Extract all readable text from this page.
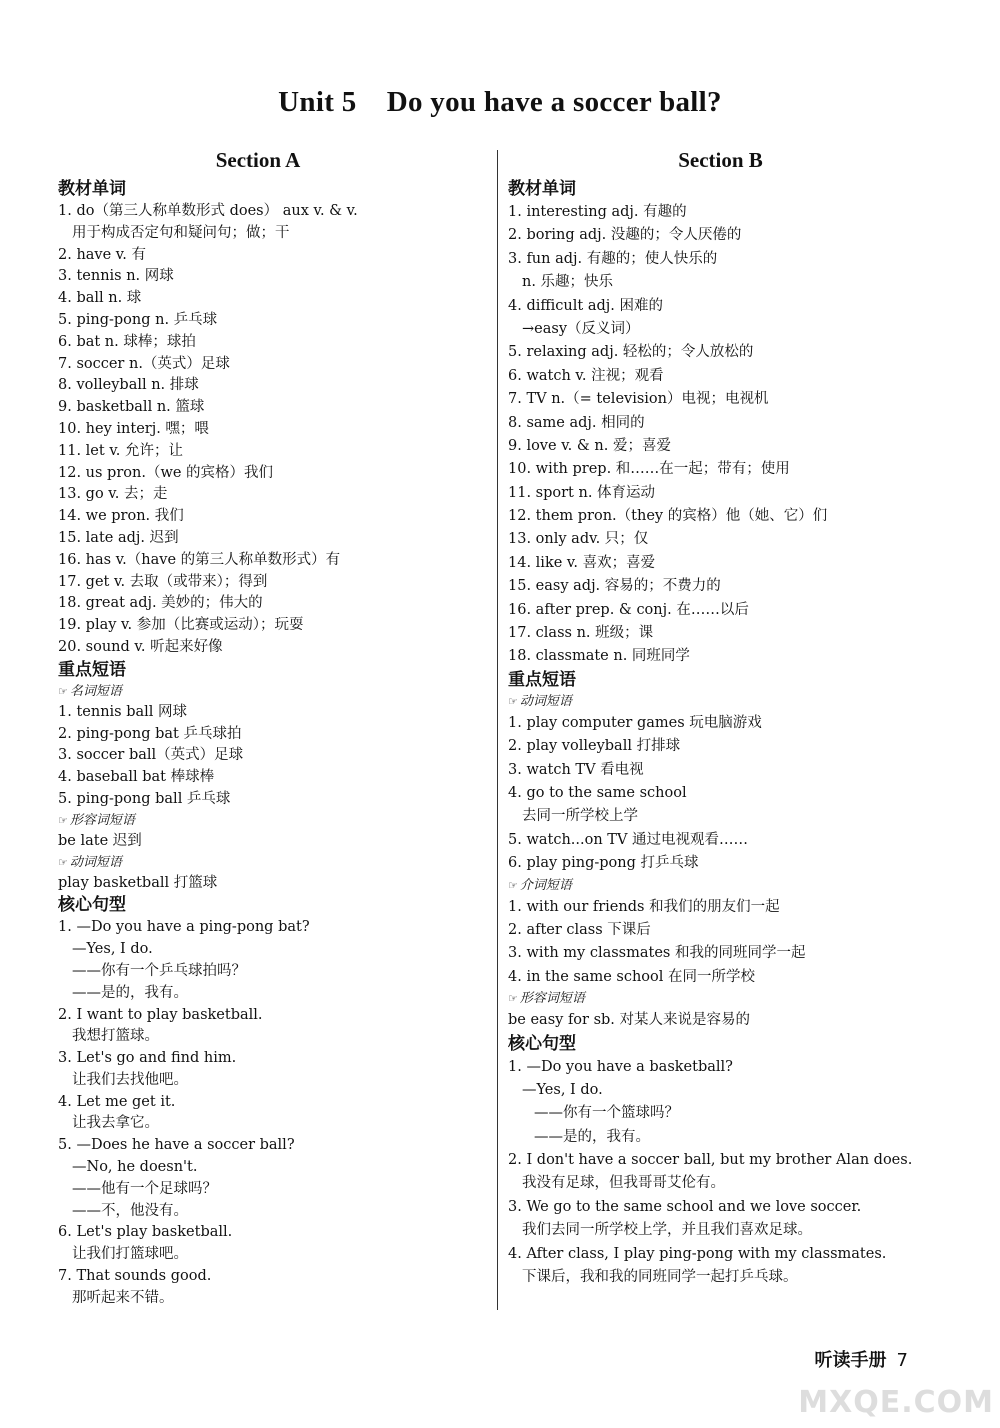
Unit 5    Do you have a soccer ball?
Section A
教材单词
1. do（第三人称单数形式 does） aux v. & v.
用于构成否定句和疑问句；做；干
2. have v. 有
3. tennis n. 网球
4. ball n. 球
5. ping-pong n. 乒乓球
6. bat n. 球棒；球拍
7. soccer n.（英式）足球
8. volleyball n. 排球
9. basketball n. 篮球
10. hey interj. 嘿；喂
11. let v. 允许；让
12. us pron.（we 的宾格）我们
13. go v. 去；走
14. we pron. 我们
15. late adj. 迟到
16. has v.（have 的第三人称单数形式）有
17. get v. 去取（或带来）；得到
18. great adj. 美妙的；伟大的
19. play v. 参加（比赛或运动）；玩耍
20. sound v. 听起来好像
重点短语
☞ 名词短语
1. tennis ball 网球
2. ping-pong bat 乒乓球拍
3. soccer ball（英式）足球
4. baseball bat 棒球棒
5. ping-pong ball 乒乓球
☞ 形容词短语
be late 迟到
☞ 动词短语
play basketball 打篮球
核心句型
1. —Do you have a ping-pong bat?
—Yes, I do.
——你有一个乒乓球拍吗？
——是的，我有。
2. I want to play basketball.
我想打篮球。
3. Let's go and find him.
让我们去找他吧。
4. Let me get it.
让我去拿它。
5. —Does he have a soccer ball?
—No, he doesn't.
——他有一个足球吗？
——不，他没有。
6. Let's play basketball.
让我们打篮球吧。
7. That sounds good.
那听起来不错。
Section B
教材单词
1. interesting adj. 有趣的
2. boring adj. 没趣的；令人厌倦的
3. fun adj. 有趣的；使人快乐的
n. 乐趣；快乐
4. difficult adj. 困难的
→easy（反义词）
5. relaxing adj. 轻松的；令人放松的
6. watch v. 注视；观看
7. TV n.（= television）电视；电视机
8. same adj. 相同的
9. love v. & n. 爱；喜爱
10. with prep. 和……在一起；带有；使用
11. sport n. 体育运动
12. them pron.（they 的宾格）他（她、它）们
13. only adv. 只；仅
14. like v. 喜欢；喜爱
15. easy adj. 容易的；不费力的
16. after prep. & conj. 在……以后
17. class n. 班级；课
18. classmate n. 同班同学
重点短语
☞ 动词短语
1. play computer games 玩电脑游戏
2. play volleyball 打排球
3. watch TV 看电视
4. go to the same school
去同一所学校上学
5. watch...on TV 通过电视观看……
6. play ping-pong 打乒乓球
☞ 介词短语
1. with our friends 和我们的朋友们一起
2. after class 下课后
3. with my classmates 和我的同班同学一起
4. in the same school 在同一所学校
☞ 形容词短语
be easy for sb. 对某人来说是容易的
核心句型
1. —Do you have a basketball?
—Yes, I do.
——你有一个篮球吗？
——是的，我有。
2. I don't have a soccer ball, but my brother Alan does.
我没有足球，但我哥哥艾伦有。
3. We go to the same school and we love soccer.
我们去同一所学校上学，并且我们喜欢足球。
4. After class, I play ping-pong with my classmates.
下课后，我和我的同班同学一起打乒乓球。
听读手册 7
MXQE.COM
